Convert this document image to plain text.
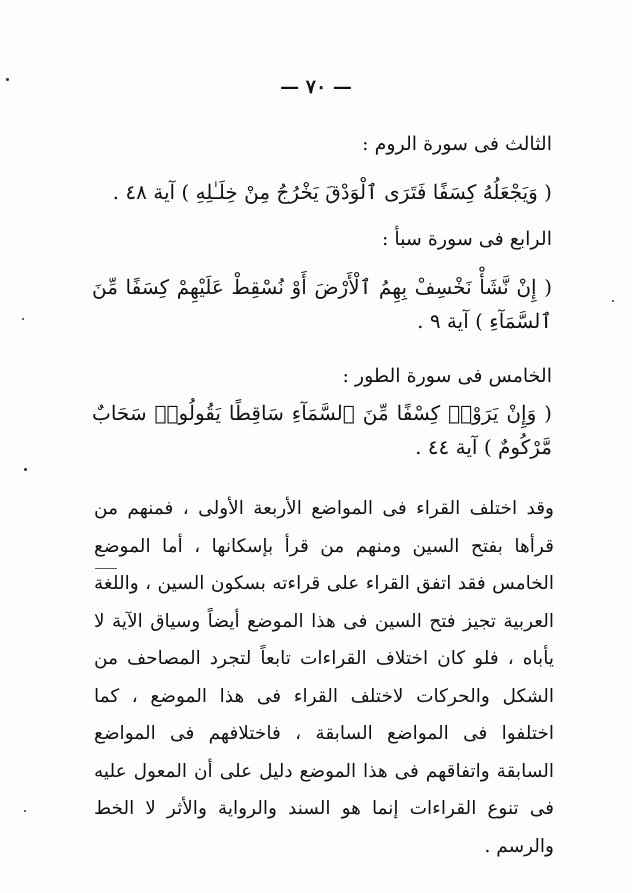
— ٧٠ —
الثالث فى سورة الروم :
( وَيَجْعَلُهُ كِسَفًا فَتَرَى ٱلْوَدْقَ يَخْرُجُ مِنْ خِلَـٰلِهِ ) آية ٤٨ .
الرابع فى سورة سبأ :
( إِنْ نَّشَأْ نَخْسِفْ بِهِمُ ٱلْأَرْضَ أَوْ نُسْقِطْ عَلَيْهِمْ كِسَفًا مِّنَ ٱلسَّمَآءِ ) آية ٩ .
الخامس فى سورة الطور :
( وَإِنْ يَرَوْا۟ كِسْفًا مِّنَ ٱلسَّمَآءِ سَاقِطًا يَقُولُوا۟ سَحَابٌ مَّرْكُومٌ ) آية ٤٤ .
وقد اختلف القراء فى المواضع الأربعة الأولى ، فمنهم من قرأها بفتح السين ومنهم من قرأ بإسكانها ، أما الموضع الخامس فقد اتفق القراء على قراءته بسكون السين ، واللغة العربية تجيز فتح السين فى هذا الموضع أيضاً وسياق الآية لا يأباه ، فلو كان اختلاف القراءات تابعاً لتجرد المصاحف من الشكل والحركات لاختلف القراء فى هذا الموضع ، كما اختلفوا فى المواضع السابقة ، فاختلافهم فى المواضع السابقة واتفاقهم فى هذا الموضع دليل على أن المعول عليه فى تنوع القراءات إنما هو السند والرواية والأثر لا الخط والرسم .
